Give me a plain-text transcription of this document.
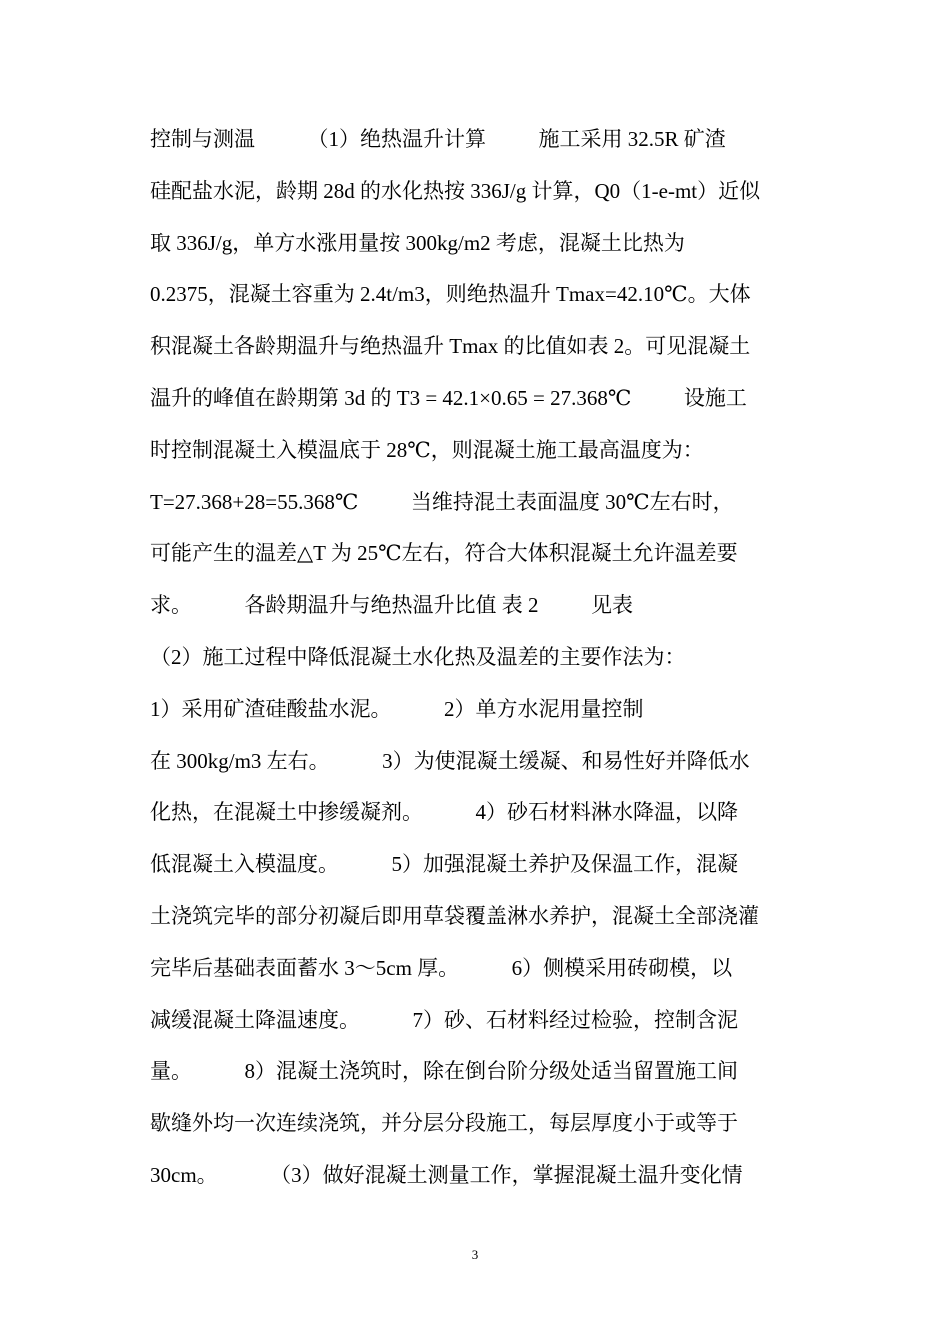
控制与测温          （1）绝热温升计算          施工采用 32.5R 矿渣
硅配盐水泥，龄期 28d 的水化热按 336J/g 计算，Q0（1-e-mt）近似
取 336J/g，单方水涨用量按 300kg/m2 考虑，混凝土比热为
0.2375，混凝土容重为 2.4t/m3，则绝热温升 Tmax=42.10℃。大体
积混凝土各龄期温升与绝热温升 Tmax 的比值如表 2。可见混凝土
温升的峰值在龄期第 3d 的 T3 = 42.1×0.65 = 27.368℃          设施工
时控制混凝土入模温底于 28℃，则混凝土施工最高温度为：
T=27.368+28=55.368℃          当维持混土表面温度 30℃左右时，
可能产生的温差△T 为 25℃左右，符合大体积混凝土允许温差要
求。          各龄期温升与绝热温升比值 表 2          见表
（2）施工过程中降低混凝土水化热及温差的主要作法为：
1）采用矿渣硅酸盐水泥。          2）单方水泥用量控制
在 300kg/m3 左右。          3）为使混凝土缓凝、和易性好并降低水
化热，在混凝土中掺缓凝剂。          4）砂石材料淋水降温，以降
低混凝土入模温度。          5）加强混凝土养护及保温工作，混凝
土浇筑完毕的部分初凝后即用草袋覆盖淋水养护，混凝土全部浇灌
完毕后基础表面蓄水 3～5cm 厚。          6）侧模采用砖砌模，以
减缓混凝土降温速度。          7）砂、石材料经过检验，控制含泥
量。          8）混凝土浇筑时，除在倒台阶分级处适当留置施工间
歇缝外均一次连续浇筑，并分层分段施工，每层厚度小于或等于
30cm。          （3）做好混凝土测量工作，掌握混凝土温升变化情
3
